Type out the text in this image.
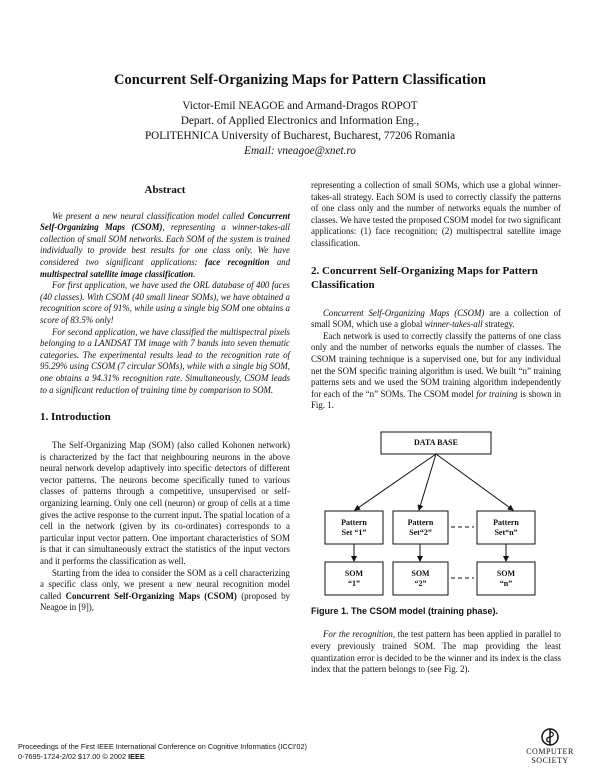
Concurrent Self-Organizing Maps for Pattern Classification
Victor-Emil NEAGOE and Armand-Dragos ROPOT
Depart. of Applied Electronics and Information Eng.,
POLITEHNICA University of Bucharest, Bucharest, 77206 Romania
Email: vneagoe@xnet.ro
Abstract

We present a new neural classification model called Concurrent Self-Organizing Maps (CSOM), representing a winner-takes-all collection of small SOM networks. Each SOM of the system is trained individually to provide best results for one class only. We have considered two significant applications: face recognition and multispectral satellite image classification.

For first application, we have used the ORL database of 400 faces (40 classes). With CSOM (40 small linear SOMs), we have obtained a recognition score of 91%, while using a single big SOM one obtains a score of 83.5% only!

For second application, we have classified the multispectral pixels belonging to a LANDSAT TM image with 7 bands into seven thematic categories. The experimental results lead to the recognition rate of 95.29% using CSOM (7 circular SOMs), while with a single big SOM, one obtains a 94.31% recognition rate. Simultaneously, CSOM leads to a significant reduction of training time by comparison to SOM.

1. Introduction

The Self-Organizing Map (SOM) (also called Kohonen network) is characterized by the fact that neighbouring neurons in the above neural network develop adaptively into specific detectors of different vector patterns. The neurons become specifically tuned to various classes of patterns through a competitive, unsupervised or self-organizing learning. Only one cell (neuron) or group of cells at a time gives the active response to the current input. The spatial location of a cell in the network (given by its co-ordinates) corresponds to a particular input vector pattern. One important characteristics of SOM is that it can simultaneously extract the statistics of the input vectors and it performs the classification as well.

Starting from the idea to consider the SOM as a cell characterizing a specific class only, we present a new neural recognition model called Concurrent Self-Organizing Maps (CSOM) (proposed by Neagoe in [9]),

representing a collection of small SOMs, which use a global winner-takes-all strategy. Each SOM is used to correctly classify the patterns of one class only and the number of networks equals the number of classes. We have tested the proposed CSOM model for two significant applications: (1) face recognition; (2) multispectral satellite image classification.

2. Concurrent Self-Organizing Maps for Pattern Classification

Concurrent Self-Organizing Maps (CSOM) are a collection of small SOM, which use a global winner-takes-all strategy.

Each network is used to correctly classify the patterns of one class only and the number of networks equals the number of classes. The CSOM training technique is a supervised one, but for any individual net the SOM specific training algorithm is used. We built “n” training patterns sets and we used the SOM training algorithm independently for each of the “n” SOMs. The CSOM model for training is shown in Fig. 1.

DATA BASE
Pattern
Set “1”
Pattern
Set“2”
Pattern
Set“n”
SOM
“1”
SOM
“2”
SOM
“n”
Figure 1. The CSOM model (training phase).

For the recognition, the test pattern has been applied in parallel to every previously trained SOM. The map providing the least quantization error is decided to be the winner and its index is the class index that the pattern belongs to (see Fig. 2).

Proceedings of the First IEEE International Conference on Cognitive Informatics (ICCI'02)
0-7695-1724-2/02 $17.00 © 2002 IEEE
COMPUTER
SOCIETY
